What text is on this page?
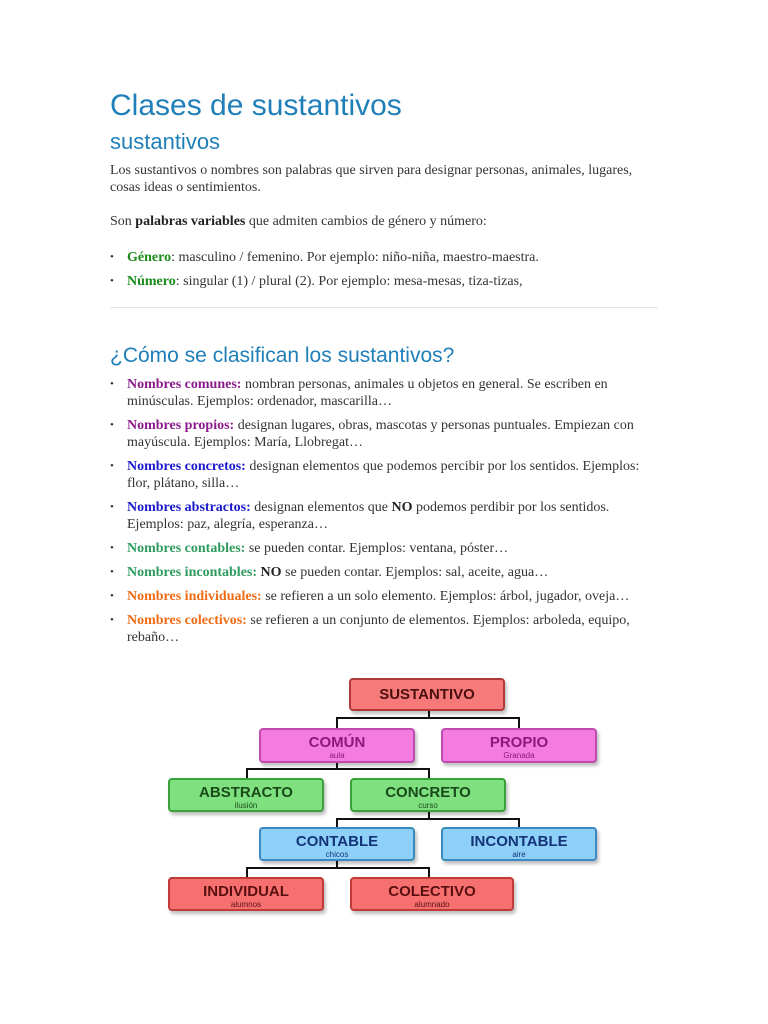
Clases de sustantivos
sustantivos

Los sustantivos o nombres son palabras que sirven para designar personas, animales, lugares, cosas ideas o sentimientos.

Son palabras variables que admiten cambios de género y número:

• Género: masculino / femenino. Por ejemplo: niño-niña, maestro-maestra.
• Número: singular (1) / plural (2). Por ejemplo: mesa-mesas, tiza-tizas,
¿Cómo se clasifican los sustantivos?
• Nombres comunes: nombran personas, animales u objetos en general. Se escriben en minúsculas. Ejemplos: ordenador, mascarilla…
• Nombres propios: designan lugares, obras, mascotas y personas puntuales. Empiezan con mayúscula. Ejemplos: María, Llobregat…
• Nombres concretos: designan elementos que podemos percibir por los sentidos. Ejemplos: flor, plátano, silla…
• Nombres abstractos: designan elementos que NO podemos perdibir por los sentidos. Ejemplos: paz, alegría, esperanza…
• Nombres contables: se pueden contar. Ejemplos: ventana, póster…
• Nombres incontables: NO se pueden contar. Ejemplos: sal, aceite, agua…
• Nombres individuales: se refieren a un solo elemento. Ejemplos: árbol, jugador, oveja…
• Nombres colectivos: se refieren a un conjunto de elementos. Ejemplos: arboleda, equipo, rebaño…
SUSTANTIVO
COMÚN
aula
PROPIO
Granada
ABSTRACTO
ilusión
CONCRETO
curso
CONTABLE
chicos
INCONTABLE
aire
INDIVIDUAL
alumnos
COLECTIVO
alumnado
